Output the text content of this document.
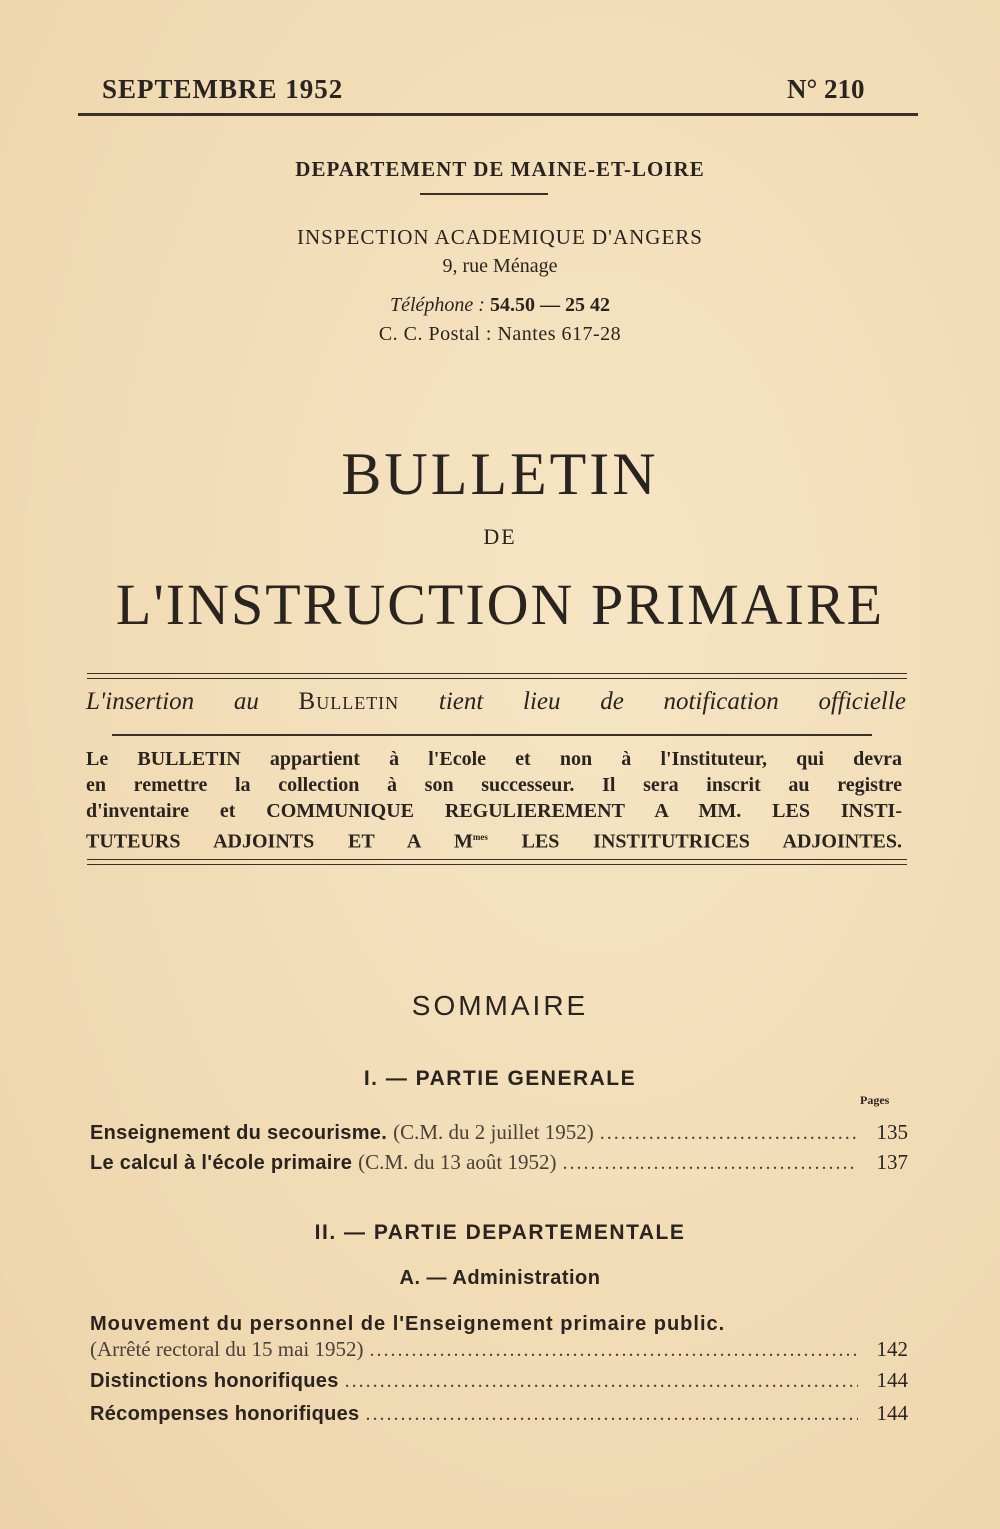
SEPTEMBRE 1952	N° 210
DEPARTEMENT DE MAINE-ET-LOIRE
INSPECTION ACADEMIQUE D'ANGERS
9, rue Ménage
Téléphone : 54.50 — 25 42
C. C. Postal : Nantes 617-28
BULLETIN
DE
L'INSTRUCTION PRIMAIRE
L'insertion au Bulletin tient lieu de notification officielle

Le BULLETIN appartient à l'Ecole et non à l'Instituteur, qui devra

en remettre la collection à son successeur. Il sera inscrit au registre

d'inventaire et COMMUNIQUE REGULIEREMENT A MM. LES INSTI-

TUTEURS ADJOINTS ET A $M^{mes}$ LES INSTITUTRICES ADJOINTES.

SOMMAIRE
I. — PARTIE GENERALE
Pages
Enseignement du secourisme. (C.M. du 2 juillet 1952) .....	135
Le calcul à l'école primaire (C.M. du 13 août 1952) .....	137
II. — PARTIE DEPARTEMENTALE
A. — Administration
Mouvement du personnel de l'Enseignement primaire public.
(Arrêté rectoral du 15 mai 1952) .....	142
Distinctions honorifiques .....	144
Récompenses honorifiques .....	144
